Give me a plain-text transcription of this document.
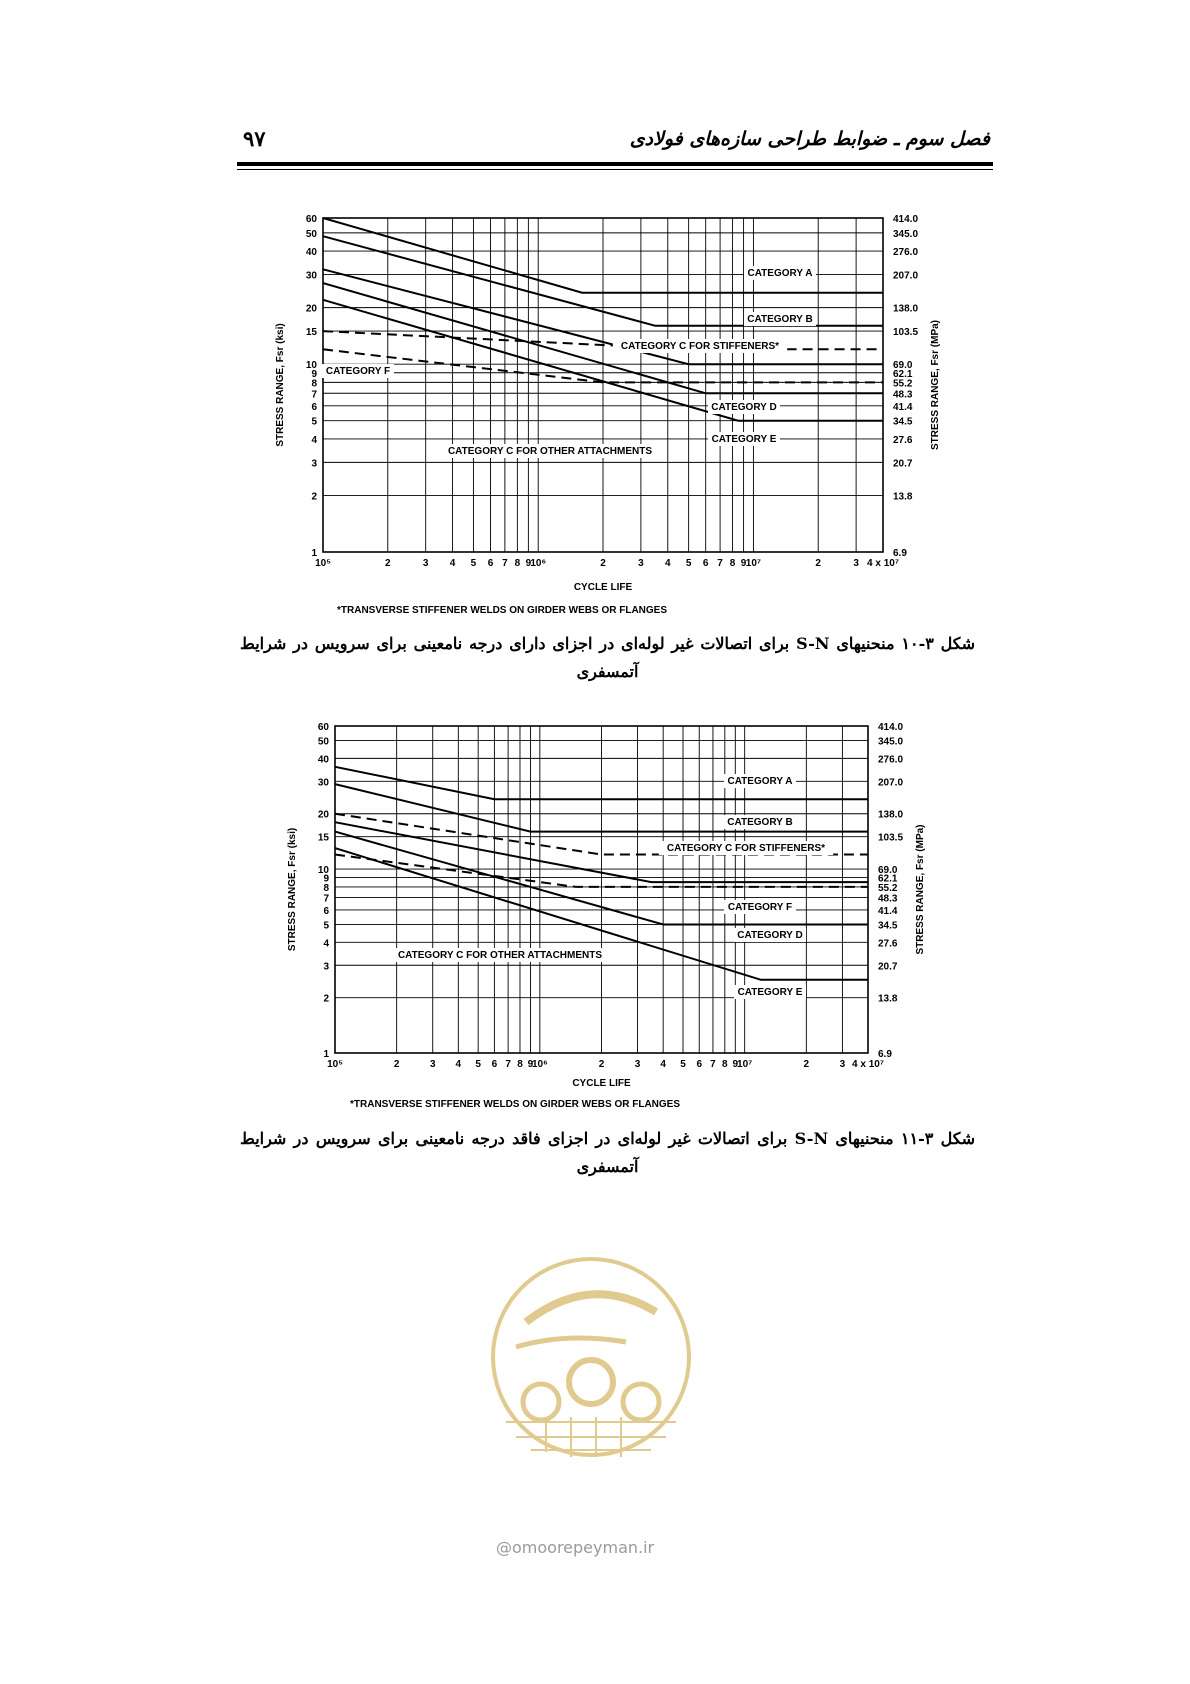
فصل سوم ـ ضوابط طراحی سازه‌های فولادی
۹۷
60	414.0
50	345.0
40	276.0
30	207.0
20	138.0
15	103.5
10	69.0
9	62.1
8	55.2
7	48.3
6	41.4
5	34.5
4	27.6
3	20.7
2	13.8
1	6.9
10⁵	2	3 4 5 6 7 8 9 10⁶	2	3 4 5 6 7 8 9 10⁷	2	3 4 x 10⁷
CYCLE LIFE
STRESS RANGE, Fsr (ksi)	STRESS RANGE, Fsr (MPa)
CATEGORY A
CATEGORY B
CATEGORY C FOR STIFFENERS*
CATEGORY F
CATEGORY D
CATEGORY E
CATEGORY C FOR OTHER ATTACHMENTS
*TRANSVERSE STIFFENER WELDS ON GIRDER WEBS OR FLANGES
شکل ۳-۱۰ منحنیهای S-N برای اتصالات غیر لوله‌ای در اجزای دارای درجه نامعینی برای سرویس در شرایط آتمسفری
60	414.0
50	345.0
40	276.0
30	207.0
20	138.0
15	103.5
10	69.0
9	62.1
8	55.2
7	48.3
6	41.4
5	34.5
4	27.6
3	20.7
2	13.8
1	6.9
10⁵	2	3 4 5 6 7 8 9
10⁶	2	3 4 5 6 7 8 9
10⁷	2	3 4 x 10⁷
CYCLE LIFE
STRESS RANGE, Fsr (ksi)	STRESS RANGE, Fsr (MPa)
CATEGORY A
CATEGORY B
CATEGORY C FOR STIFFENERS*
CATEGORY F
CATEGORY D
CATEGORY E
CATEGORY C FOR OTHER ATTACHMENTS
*TRANSVERSE STIFFENER WELDS ON GIRDER WEBS OR FLANGES
شکل ۳-۱۱ منحنیهای S-N برای اتصالات غیر لوله‌ای در اجزای فاقد درجه نامعینی برای سرویس در شرایط آتمسفری
@omoorepeyman.ir
